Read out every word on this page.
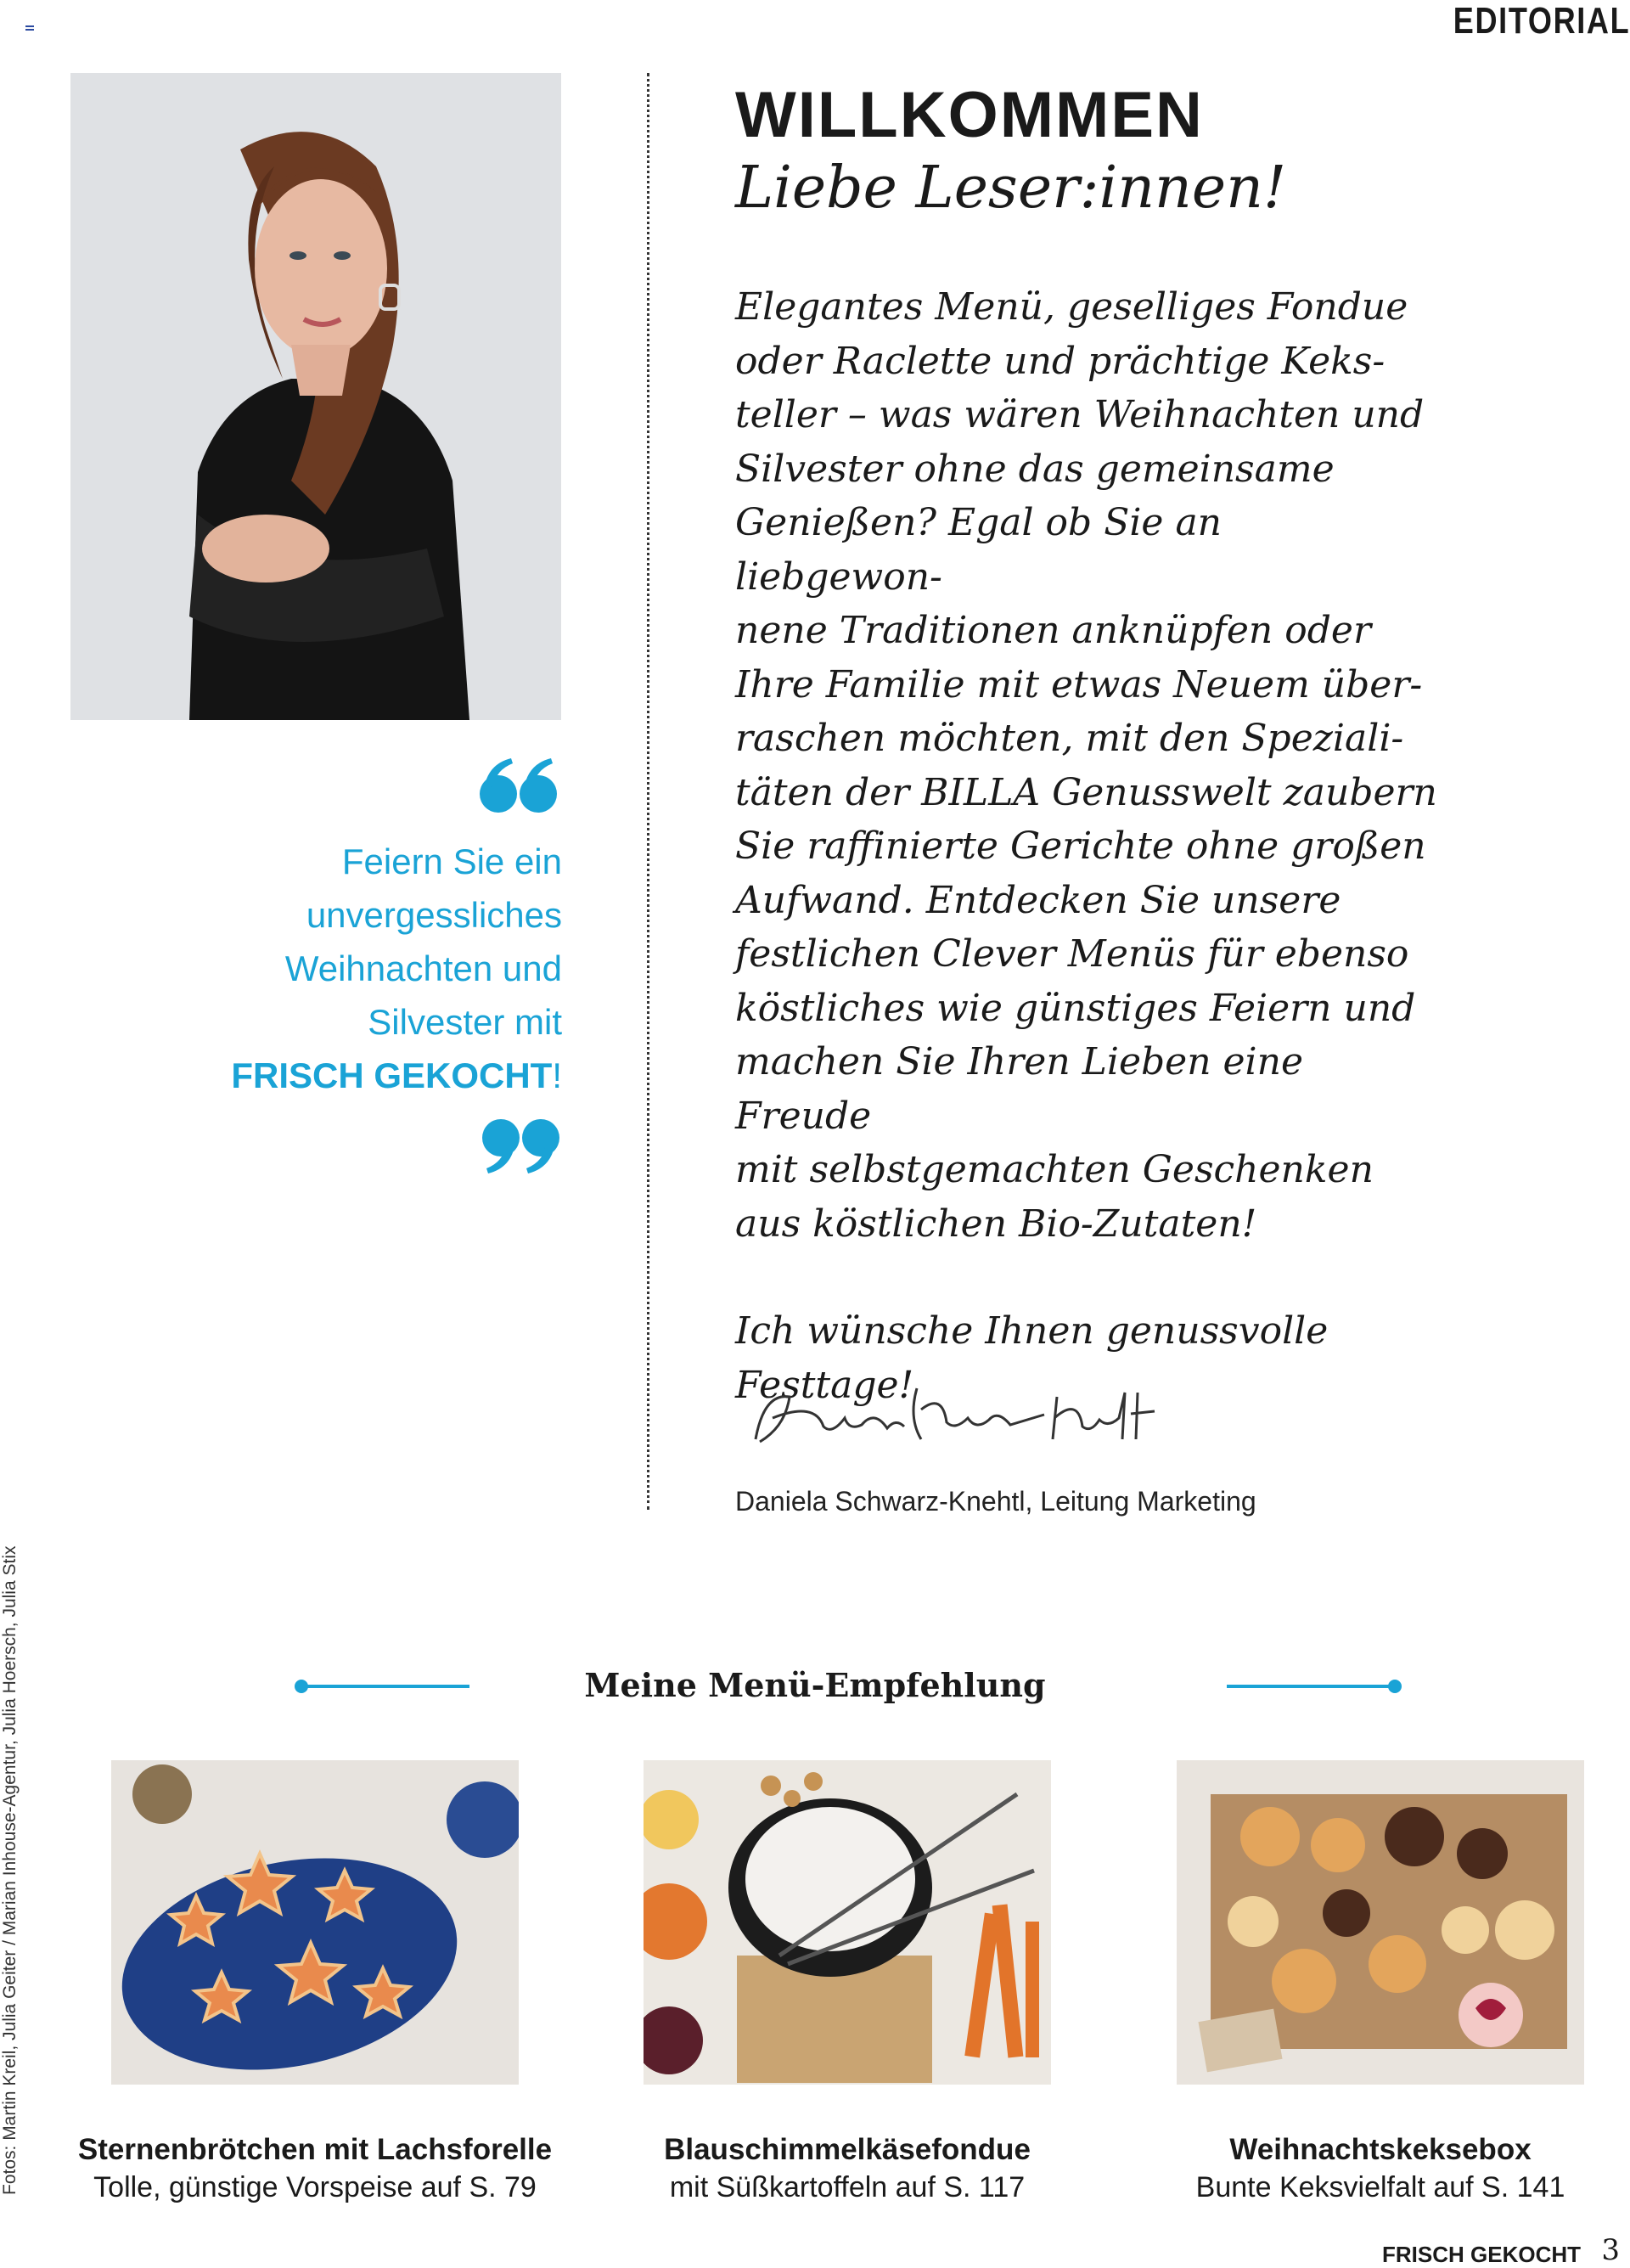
EDITORIAL
Feiern Sie ein
unvergessliches
Weihnachten und
Silvester mit
FRISCH GEKOCHT!
WILLKOMMEN
Liebe Leser:innen!

Elegantes Menü, geselliges Fondue

oder Raclette und prächtige Keks-

teller – was wären Weihnachten und

Silvester ohne das gemeinsame

Genießen? Egal ob Sie an liebgewon-

nene Traditionen anknüpfen oder

Ihre Familie mit etwas Neuem über-

raschen möchten, mit den Speziali-

täten der BILLA Genusswelt zaubern

Sie raffinierte Gerichte ohne großen

Aufwand. Entdecken Sie unsere

festlichen Clever Menüs für ebenso

köstliches wie günstiges Feiern und

machen Sie Ihren Lieben eine Freude

mit selbstgemachten Geschenken

aus köstlichen Bio-Zutaten!

Ich wünsche Ihnen genussvolle

Festtage!

Daniela Schwarz-Knehtl, Leitung Marketing
Meine Menü-Empfehlung
Sternenbrötchen mit Lachsforelle
Tolle, günstige Vorspeise auf S. 79
Blauschimmelkäsefondue
mit Süßkartoffeln auf S. 117
Weihnachtskeksebox
Bunte Keksvielfalt auf S. 141
Fotos: Martin Kreil, Julia Geiter / Marian Inhouse-Agentur, Julia Hoersch, Julia Stix
FRISCH GEKOCHT 3
